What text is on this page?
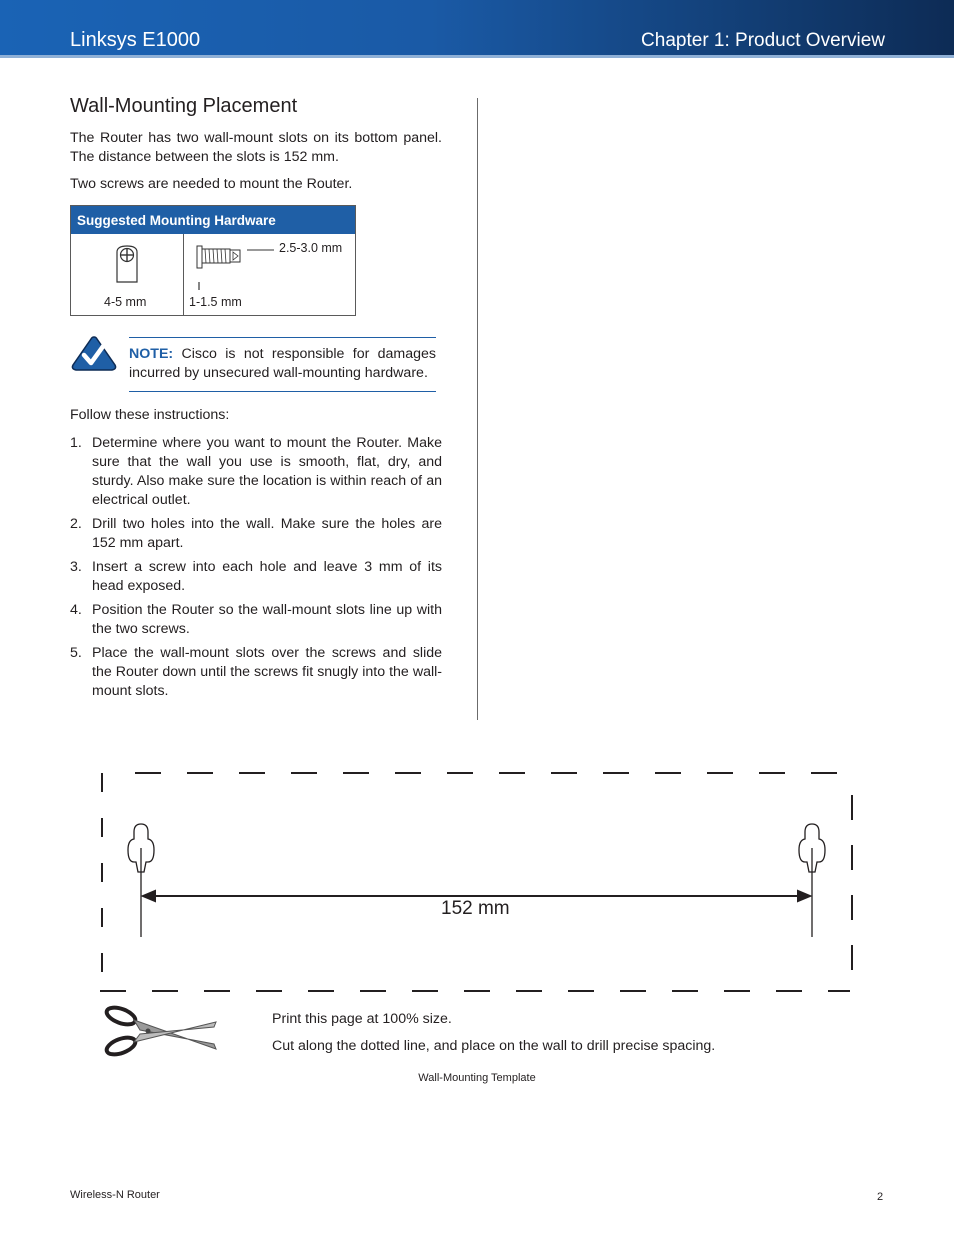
Linksys E1000	Chapter 1: Product Overview
Wall-Mounting Placement
The Router has two wall-mount slots on its bottom panel. The distance between the slots is 152 mm.
Two screws are needed to mount the Router.
Suggested Mounting Hardware
4-5 mm	1-1.5 mm
2.5-3.0 mm
NOTE: Cisco is not responsible for damages incurred by unsecured wall-mounting hardware.
Follow these instructions:
1. Determine where you want to mount the Router. Make sure that the wall you use is smooth, flat, dry, and sturdy. Also make sure the location is within reach of an electrical outlet.
2. Drill two holes into the wall. Make sure the holes are 152 mm apart.
3. Insert a screw into each hole and leave 3 mm of its head exposed.
4. Position the Router so the wall-mount slots line up with the two screws.
5. Place the wall-mount slots over the screws and slide the Router down until the screws fit snugly into the wall-mount slots.
152 mm
Print this page at 100% size.
Cut along the dotted line, and place on the wall to drill precise spacing.
Wall-Mounting Template
Wireless-N Router	2
